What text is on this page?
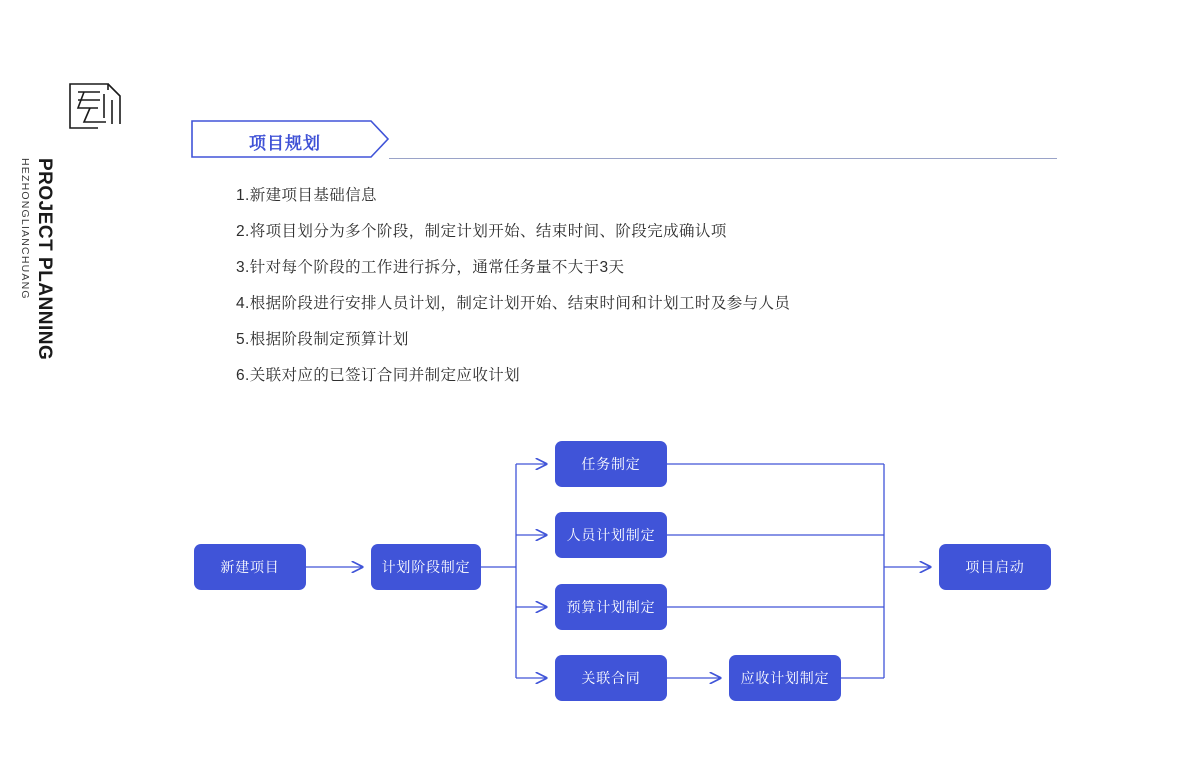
PROJECT PLANNING
HEZHONGLIANCHUANG
项目规划
1.新建项目基础信息
2.将项目划分为多个阶段，制定计划开始、结束时间、阶段完成确认项
3.针对每个阶段的工作进行拆分，通常任务量不大于3天
4.根据阶段进行安排人员计划，制定计划开始、结束时间和计划工时及参与人员
5.根据阶段制定预算计划
6.关联对应的已签订合同并制定应收计划
新建项目	计划阶段制定
任务制定
人员计划制定
预算计划制定
关联合同	应收计划制定
项目启动
